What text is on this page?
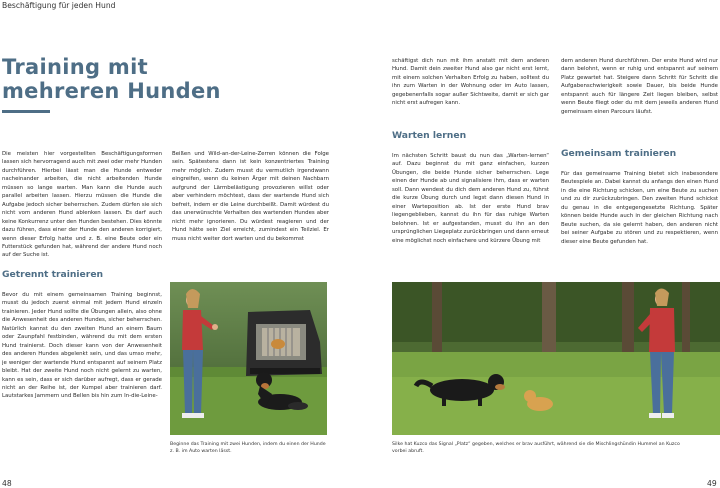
Beschäftigung für jeden Hund
Training mit mehreren Hunden
Die meisten hier vorgestellten Beschäftigungsformen lassen sich hervorragend auch mit zwei oder mehr Hunden durchführen. Hierbei lässt man die Hunde entweder nacheinander arbeiten, die nicht arbeitenden Hunde müssen so lange warten. Man kann die Hunde auch parallel arbeiten lassen. Hierzu müssen die Hunde die Aufgabe jedoch sicher beherrschen. Zudem dürfen sie sich nicht vom anderen Hund ablenken lassen. Es darf auch keine Konkurrenz unter den Hunden bestehen. Dies könnte dazu führen, dass einer der Hunde den anderen korrigiert, wenn dieser Erfolg hatte und z. B. eine Beute oder ein Futterstück gefunden hat, während der andere Hund noch auf der Suche ist.
Getrennt trainieren
Bevor du mit einem gemeinsamen Training beginnst, musst du jedoch zuerst einmal mit jedem Hund einzeln trainieren. Jeder Hund sollte die Übungen allein, also ohne die Anwesenheit des anderen Hundes, sicher beherrschen. Natürlich kannst du den zweiten Hund an einem Baum oder Zaunpfahl festbinden, während du mit dem ersten Hund trainierst. Doch dieser kann von der Anwesenheit des anderen Hundes abgelenkt sein, und das umso mehr, je weniger der wartende Hund entspannt auf seinem Platz bleibt. Hat der zweite Hund noch nicht gelernt zu warten, kann es sein, dass er sich darüber aufregt, dass er gerade nicht an der Reihe ist, der Kumpel aber trainieren darf. Lautstarkes Jammern und Bellen bis hin zum In-die-Leine-
Beißen und Wild-an-der-Leine-Zerren können die Folge sein. Spätestens dann ist kein konzentriertes Training mehr möglich. Zudem musst du vermutlich irgendwann eingreifen, wenn du keinen Ärger mit deinen Nachbarn aufgrund der Lärmbelästigung provozieren willst oder aber verhindern möchtest, dass der wartende Hund sich befreit, indem er die Leine durchbeißt. Damit würdest du das unerwünschte Verhalten des wartenden Hundes aber nicht mehr ignorieren. Du würdest reagieren und der Hund hätte sein Ziel erreicht, zumindest ein Teilziel. Er muss nicht weiter dort warten und du bekommst
Beginne das Training mit zwei Hunden, indem du einen der Hunde z. B. im Auto warten lässt.
48
schäftigst dich nun mit ihm anstatt mit dem anderen Hund. Damit dein zweiter Hund also gar nicht erst lernt, mit einem solchen Verhalten Erfolg zu haben, solltest du ihn zum Warten in der Wohnung oder im Auto lassen, gegebenenfalls sogar außer Sichtweite, damit er sich gar nicht erst aufregen kann.
Warten lernen
Im nächsten Schritt baust du nun das „Warten-lernen“ auf. Dazu beginnst du mit ganz einfachen, kurzen Übungen, die beide Hunde sicher beherrschen. Lege einen der Hunde ab und signalisiere ihm, dass er warten soll. Dann wendest du dich dem anderen Hund zu, führst die kurze Übung durch und legst dann diesen Hund in einer Warteposition ab. Ist der erste Hund brav liegengeblieben, kannst du ihn für das ruhige Warten belohnen. Ist er aufgestanden, musst du ihn an den ursprünglichen Liegeplatz zurückbringen und dann erneut eine möglichst noch einfachere und kürzere Übung mit
dem anderen Hund durchführen. Der erste Hund wird nur dann belohnt, wenn er ruhig und entspannt auf seinem Platz gewartet hat. Steigere dann Schritt für Schritt die Aufgabenschwierigkeit sowie Dauer, bis beide Hunde entspannt auch für längere Zeit liegen bleiben, selbst wenn Beute fliegt oder du mit dem jeweils anderen Hund gemeinsam einen Parcours läufst.
Gemeinsam trainieren
Für das gemeinsame Training bietet sich insbesondere Beutespiele an. Dabei kannst du anfangs den einen Hund in die eine Richtung schicken, um eine Beute zu suchen und zu dir zurückzubringen. Den zweiten Hund schickst du genau in die entgegengesetzte Richtung. Später können beide Hunde auch in der gleichen Richtung nach Beute suchen, da sie gelernt haben, den anderen nicht bei seiner Aufgabe zu stören und zu respektieren, wenn dieser eine Beute gefunden hat.
Silke hat Kuzco das Signal „Platz“ gegeben, welches er brav ausführt, während sie die Mischlingshündin Hummel an Kuzco vorbei abruft.
49
